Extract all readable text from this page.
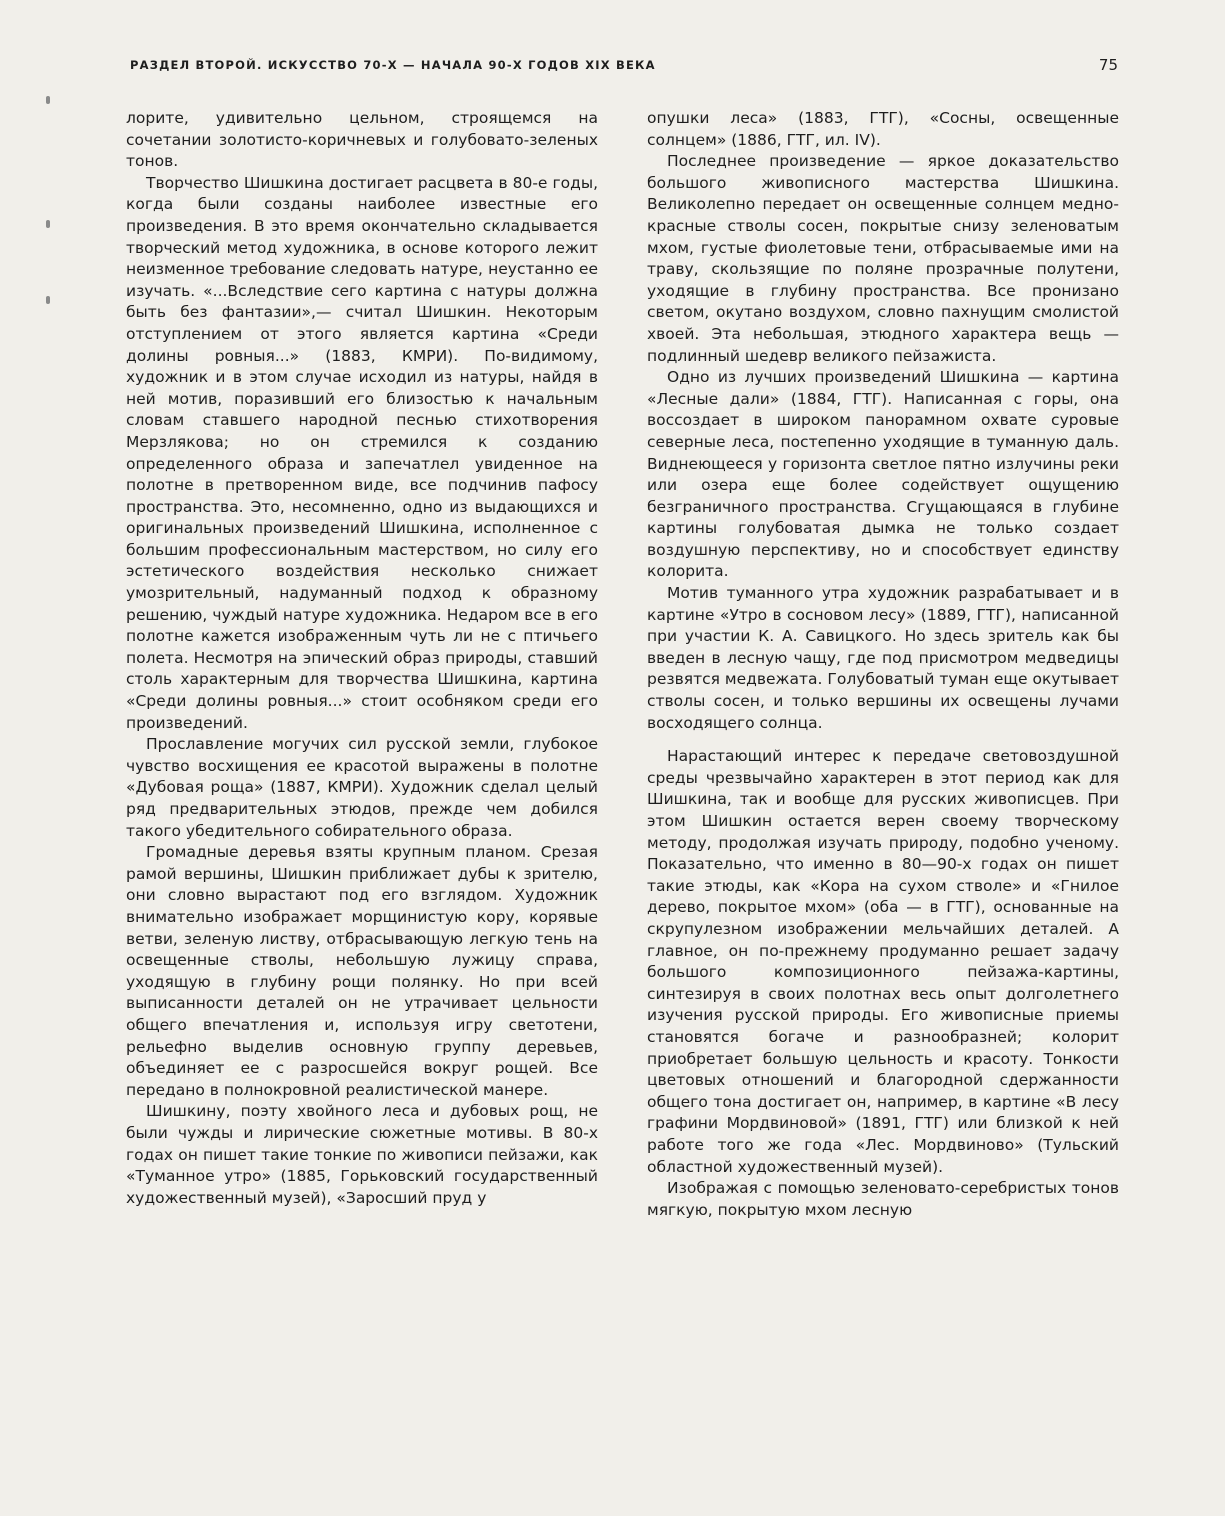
РАЗДЕЛ ВТОРОЙ. ИСКУССТВО 70-Х — НАЧАЛА 90-Х ГОДОВ XIX ВЕКА	75

лорите, удивительно цельном, строящемся на сочетании золотисто-коричневых и голубовато-зеленых тонов.

Творчество Шишкина достигает расцвета в 80-е годы, когда были созданы наиболее известные его произведения. В это время окончательно складывается творческий метод художника, в основе которого лежит неизменное требование следовать натуре, неустанно ее изучать. «...Вследствие сего картина с натуры должна быть без фантазии»,— считал Шишкин. Некоторым отступлением от этого является картина «Среди долины ровныя...» (1883, КМРИ). По-видимому, художник и в этом случае исходил из натуры, найдя в ней мотив, поразивший его близостью к начальным словам ставшего народной песнью стихотворения Мерзлякова; но он стремился к созданию определенного образа и запечатлел увиденное на полотне в претворенном виде, все подчинив пафосу пространства. Это, несомненно, одно из выдающихся и оригинальных произведений Шишкина, исполненное с большим профессиональным мастерством, но силу его эстетического воздействия несколько снижает умозрительный, надуманный подход к образному решению, чуждый натуре художника. Недаром все в его полотне кажется изображенным чуть ли не с птичьего полета. Несмотря на эпический образ природы, ставший столь характерным для творчества Шишкина, картина «Среди долины ровныя...» стоит особняком среди его произведений.

Прославление могучих сил русской земли, глубокое чувство восхищения ее красотой выражены в полотне «Дубовая роща» (1887, КМРИ). Художник сделал целый ряд предварительных этюдов, прежде чем добился такого убедительного собирательного образа.

Громадные деревья взяты крупным планом. Срезая рамой вершины, Шишкин приближает дубы к зрителю, они словно вырастают под его взглядом. Художник внимательно изображает морщинистую кору, корявые ветви, зеленую листву, отбрасывающую легкую тень на освещенные стволы, небольшую лужицу справа, уходящую в глубину рощи полянку. Но при всей выписанности деталей он не утрачивает цельности общего впечатления и, используя игру светотени, рельефно выделив основную группу деревьев, объединяет ее с разросшейся вокруг рощей. Все передано в полнокровной реалистической манере.

Шишкину, поэту хвойного леса и дубовых рощ, не были чужды и лирические сюжетные мотивы. В 80-х годах он пишет такие тонкие по живописи пейзажи, как «Туманное утро» (1885, Горьковский государственный художественный музей), «Заросший пруд у

опушки леса» (1883, ГТГ), «Сосны, освещенные солнцем» (1886, ГТГ, ил. IV).

Последнее произведение — яркое доказательство большого живописного мастерства Шишкина. Великолепно передает он освещенные солнцем медно-красные стволы сосен, покрытые снизу зеленоватым мхом, густые фиолетовые тени, отбрасываемые ими на траву, скользящие по поляне прозрачные полутени, уходящие в глубину пространства. Все пронизано светом, окутано воздухом, словно пахнущим смолистой хвоей. Эта небольшая, этюдного характера вещь — подлинный шедевр великого пейзажиста.

Одно из лучших произведений Шишкина — картина «Лесные дали» (1884, ГТГ). Написанная с горы, она воссоздает в широком панорамном охвате суровые северные леса, постепенно уходящие в туманную даль. Виднеющееся у горизонта светлое пятно излучины реки или озера еще более содействует ощущению безграничного пространства. Сгущающаяся в глубине картины голубоватая дымка не только создает воздушную перспективу, но и способствует единству колорита.

Мотив туманного утра художник разрабатывает и в картине «Утро в сосновом лесу» (1889, ГТГ), написанной при участии К. А. Савицкого. Но здесь зритель как бы введен в лесную чащу, где под присмотром медведицы резвятся медвежата. Голубоватый туман еще окутывает стволы сосен, и только вершины их освещены лучами восходящего солнца.

Нарастающий интерес к передаче световоздушной среды чрезвычайно характерен в этот период как для Шишкина, так и вообще для русских живописцев. При этом Шишкин остается верен своему творческому методу, продолжая изучать природу, подобно ученому. Показательно, что именно в 80—90-х годах он пишет такие этюды, как «Кора на сухом стволе» и «Гнилое дерево, покрытое мхом» (оба — в ГТГ), основанные на скрупулезном изображении мельчайших деталей. А главное, он по-прежнему продуманно решает задачу большого композиционного пейзажа-картины, синтезируя в своих полотнах весь опыт долголетнего изучения русской природы. Его живописные приемы становятся богаче и разнообразней; колорит приобретает большую цельность и красоту. Тонкости цветовых отношений и благородной сдержанности общего тона достигает он, например, в картине «В лесу графини Мордвиновой» (1891, ГТГ) или близкой к ней работе того же года «Лес. Мордвиново» (Тульский областной художественный музей).

Изображая с помощью зеленовато-серебристых тонов мягкую, покрытую мхом лесную
